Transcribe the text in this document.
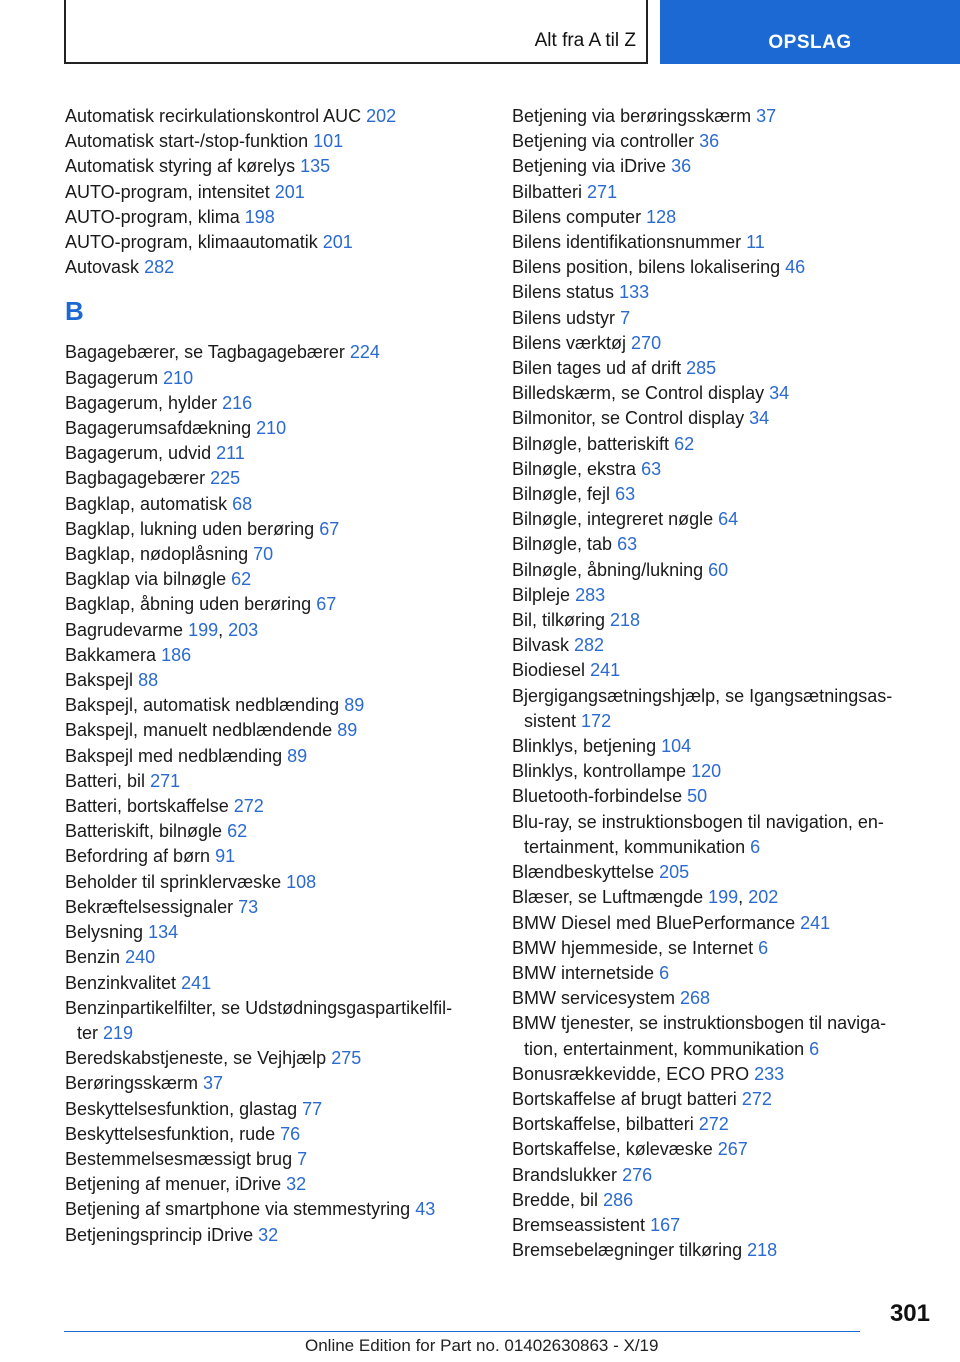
Alt fra A til Z	OPSLAG
Automatisk recirkulationskontrol AUC 202
Automatisk start-/stop-funktion 101
Automatisk styring af kørelys 135
AUTO-program, intensitet 201
AUTO-program, klima 198
AUTO-program, klimaautomatik 201
Autovask 282
B
Bagagebærer, se Tagbagagebærer 224
Bagagerum 210
Bagagerum, hylder 216
Bagagerumsafdækning 210
Bagagerum, udvid 211
Bagbagagebærer 225
Bagklap, automatisk 68
Bagklap, lukning uden berøring 67
Bagklap, nødoplåsning 70
Bagklap via bilnøgle 62
Bagklap, åbning uden berøring 67
Bagrudevarme 199, 203
Bakkamera 186
Bakspejl 88
Bakspejl, automatisk nedblænding 89
Bakspejl, manuelt nedblændende 89
Bakspejl med nedblænding 89
Batteri, bil 271
Batteri, bortskaffelse 272
Batteriskift, bilnøgle 62
Befordring af børn 91
Beholder til sprinklervæske 108
Bekræftelsessignaler 73
Belysning 134
Benzin 240
Benzinkvalitet 241
Benzinpartikelfilter, se Udstødningsgaspartikelfil-
ter 219
Beredskabstjeneste, se Vejhjælp 275
Berøringsskærm 37
Beskyttelsesfunktion, glastag 77
Beskyttelsesfunktion, rude 76
Bestemmelsesmæssigt brug 7
Betjening af menuer, iDrive 32
Betjening af smartphone via stemmestyring 43
Betjeningsprincip iDrive 32
Betjening via berøringsskærm 37
Betjening via controller 36
Betjening via iDrive 36
Bilbatteri 271
Bilens computer 128
Bilens identifikationsnummer 11
Bilens position, bilens lokalisering 46
Bilens status 133
Bilens udstyr 7
Bilens værktøj 270
Bilen tages ud af drift 285
Billedskærm, se Control display 34
Bilmonitor, se Control display 34
Bilnøgle, batteriskift 62
Bilnøgle, ekstra 63
Bilnøgle, fejl 63
Bilnøgle, integreret nøgle 64
Bilnøgle, tab 63
Bilnøgle, åbning/lukning 60
Bilpleje 283
Bil, tilkøring 218
Bilvask 282
Biodiesel 241
Bjergigangsætningshjælp, se Igangsætningsas-
sistent 172
Blinklys, betjening 104
Blinklys, kontrollampe 120
Bluetooth-forbindelse 50
Blu-ray, se instruktionsbogen til navigation, en-
tertainment, kommunikation 6
Blændbeskyttelse 205
Blæser, se Luftmængde 199, 202
BMW Diesel med BluePerformance 241
BMW hjemmeside, se Internet 6
BMW internetside 6
BMW servicesystem 268
BMW tjenester, se instruktionsbogen til naviga-
tion, entertainment, kommunikation 6
Bonusrækkevidde, ECO PRO 233
Bortskaffelse af brugt batteri 272
Bortskaffelse, bilbatteri 272
Bortskaffelse, kølevæske 267
Brandslukker 276
Bredde, bil 286
Bremseassistent 167
Bremsebelægninger tilkøring 218
301
Online Edition for Part no. 01402630863 - X/19
